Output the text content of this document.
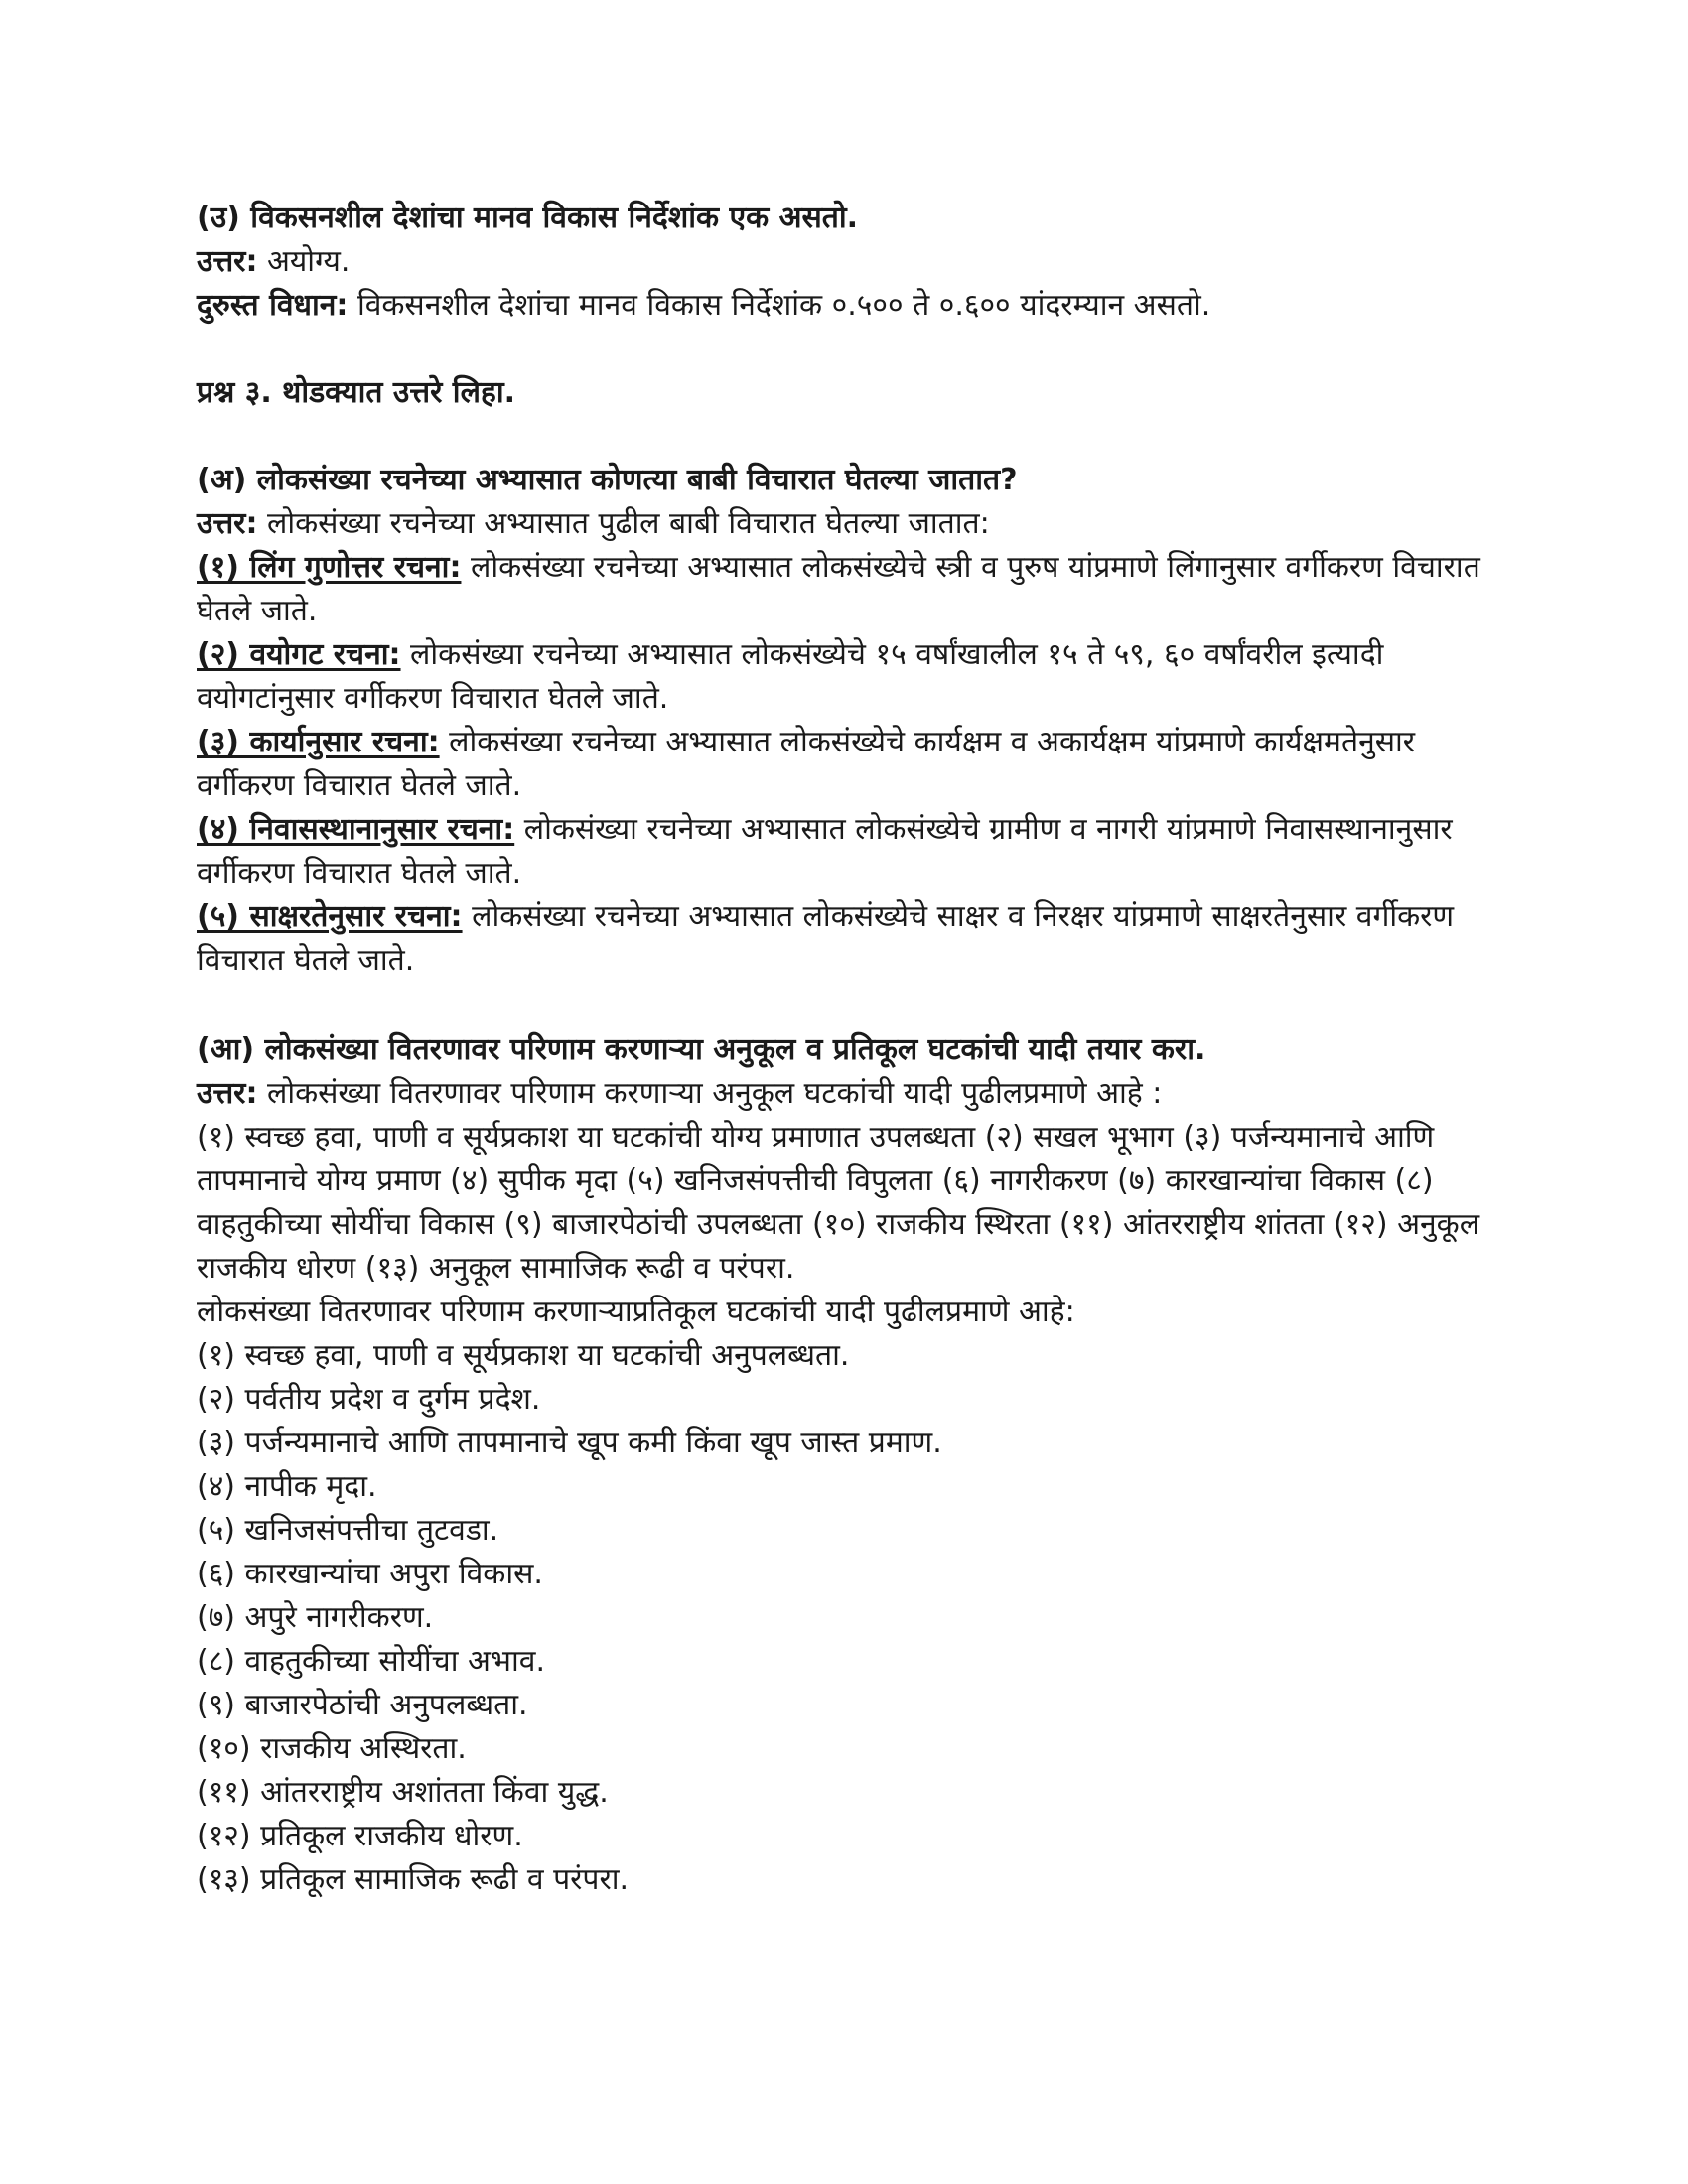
(उ) विकसनशील देशांचा मानव विकास निर्देशांक एक असतो.

उत्तर: अयोग्य.

दुरुस्त विधान: विकसनशील देशांचा मानव विकास निर्देशांक ०.५०० ते ०.६०० यांदरम्यान असतो.

प्रश्न ३. थोडक्यात उत्तरे लिहा.

(अ) लोकसंख्या रचनेच्या अभ्यासात कोणत्या बाबी विचारात घेतल्या जातात?

उत्तर: लोकसंख्या रचनेच्या अभ्यासात पुढील बाबी विचारात घेतल्या जातात:

(१) लिंग गुणोत्तर रचना: लोकसंख्या रचनेच्या अभ्यासात लोकसंख्येचे स्त्री व पुरुष यांप्रमाणे लिंगानुसार वर्गीकरण विचारात घेतले जाते.

(२) वयोगट रचना: लोकसंख्या रचनेच्या अभ्यासात लोकसंख्येचे १५ वर्षांखालील १५ ते ५९, ६० वर्षांवरील इत्यादी वयोगटांनुसार वर्गीकरण विचारात घेतले जाते.

(३) कार्यानुसार रचना: लोकसंख्या रचनेच्या अभ्यासात लोकसंख्येचे कार्यक्षम व अकार्यक्षम यांप्रमाणे कार्यक्षमतेनुसार वर्गीकरण विचारात घेतले जाते.

(४) निवासस्थानानुसार रचना: लोकसंख्या रचनेच्या अभ्यासात लोकसंख्येचे ग्रामीण व नागरी यांप्रमाणे निवासस्थानानुसार वर्गीकरण विचारात घेतले जाते.

(५) साक्षरतेनुसार रचना: लोकसंख्या रचनेच्या अभ्यासात लोकसंख्येचे साक्षर व निरक्षर यांप्रमाणे साक्षरतेनुसार वर्गीकरण विचारात घेतले जाते.

(आ) लोकसंख्या वितरणावर परिणाम करणाऱ्या अनुकूल व प्रतिकूल घटकांची यादी तयार करा.

उत्तर: लोकसंख्या वितरणावर परिणाम करणाऱ्या अनुकूल घटकांची यादी पुढीलप्रमाणे आहे :

(१) स्वच्छ हवा, पाणी व सूर्यप्रकाश या घटकांची योग्य प्रमाणात उपलब्धता (२) सखल भूभाग (३) पर्जन्यमानाचे आणि तापमानाचे योग्य प्रमाण (४) सुपीक मृदा (५) खनिजसंपत्तीची विपुलता (६) नागरीकरण (७) कारखान्यांचा विकास (८) वाहतुकीच्या सोयींचा विकास (९) बाजारपेठांची उपलब्धता (१०) राजकीय स्थिरता (११) आंतरराष्ट्रीय शांतता (१२) अनुकूल राजकीय धोरण (१३) अनुकूल सामाजिक रूढी व परंपरा.

लोकसंख्या वितरणावर परिणाम करणाऱ्याप्रतिकूल घटकांची यादी पुढीलप्रमाणे आहे:

(१) स्वच्छ हवा, पाणी व सूर्यप्रकाश या घटकांची अनुपलब्धता.

(२) पर्वतीय प्रदेश व दुर्गम प्रदेश.

(३) पर्जन्यमानाचे आणि तापमानाचे खूप कमी किंवा खूप जास्त प्रमाण.

(४) नापीक मृदा.

(५) खनिजसंपत्तीचा तुटवडा.

(६) कारखान्यांचा अपुरा विकास.

(७) अपुरे नागरीकरण.

(८) वाहतुकीच्या सोयींचा अभाव.

(९) बाजारपेठांची अनुपलब्धता.

(१०) राजकीय अस्थिरता.

(११) आंतरराष्ट्रीय अशांतता किंवा युद्ध.

(१२) प्रतिकूल राजकीय धोरण.

(१३) प्रतिकूल सामाजिक रूढी व परंपरा.
